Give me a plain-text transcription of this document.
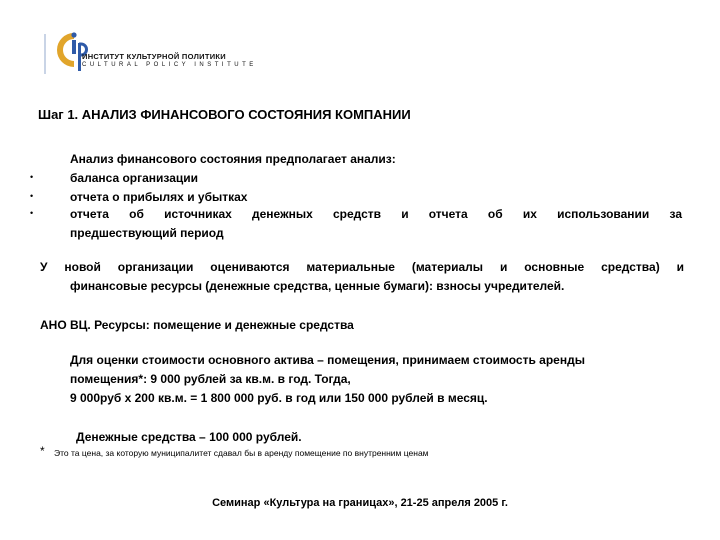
ИНСТИТУТ КУЛЬТУРНОЙ ПОЛИТИКИ
CULTURAL POLICY INSTITUTE
Шаг 1. АНАЛИЗ ФИНАНСОВОГО СОСТОЯНИЯ КОМПАНИИ
Анализ финансового состояния предполагает анализ:
•	баланса организации
•	отчета о прибылях и убытках
•	отчета об источниках денежных средств и отчета об их использовании за
предшествующий период
У новой организации оцениваются материальные (материалы и основные средства) и
финансовые ресурсы (денежные средства, ценные бумаги): взносы учредителей.
АНО ВЦ. Ресурсы: помещение и денежные средства
Для оценки стоимости основного актива – помещения, принимаем стоимость аренды
помещения*: 9 000 рублей за кв.м. в год. Тогда,
9 000руб х 200 кв.м. = 1 800 000 руб. в год или 150 000 рублей в месяц.
Денежные средства – 100 000 рублей.
* Это та цена, за которую муниципалитет сдавал бы в аренду помещение по внутренним ценам
Семинар «Культура на границах», 21-25 апреля 2005 г.
